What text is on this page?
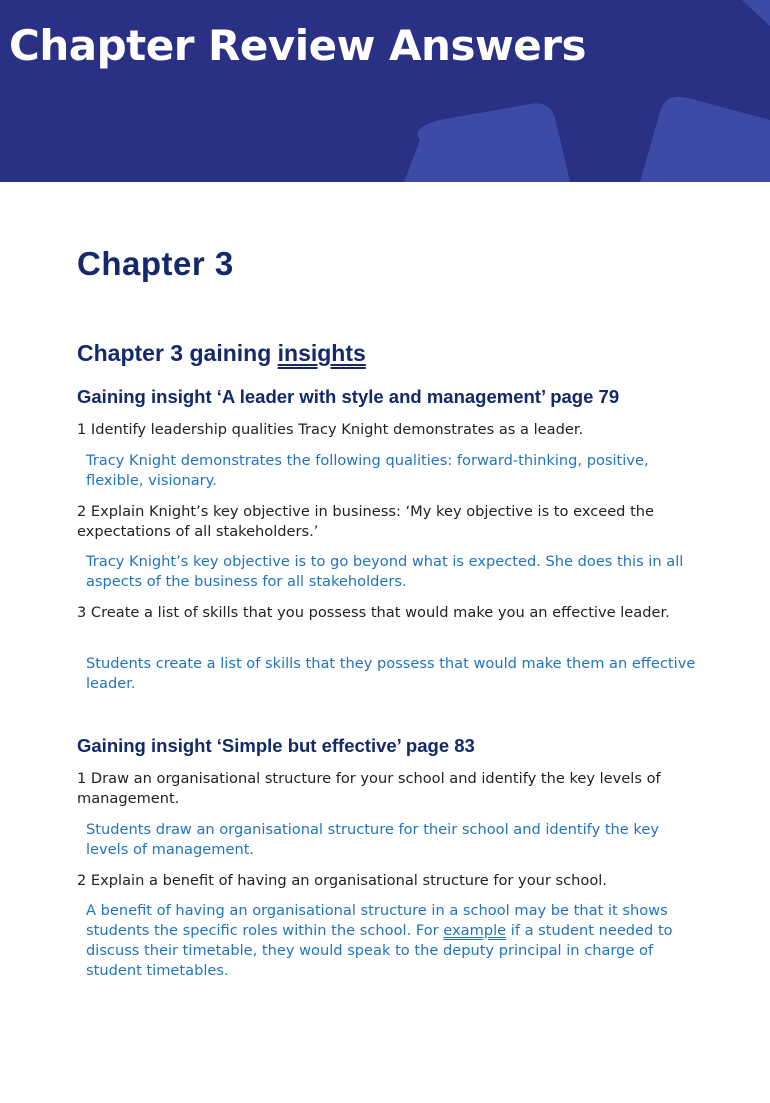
Chapter Review Answers
Chapter 3
Chapter 3 gaining insights
Gaining insight ‘A leader with style and management’ page 79

1 Identify leadership qualities Tracy Knight demonstrates as a leader.

Tracy Knight demonstrates the following qualities: forward-thinking, positive, flexible, visionary.

2 Explain Knight’s key objective in business: ‘My key objective is to exceed the expectations of all stakeholders.’

Tracy Knight’s key objective is to go beyond what is expected. She does this in all aspects of the business for all stakeholders.

3 Create a list of skills that you possess that would make you an effective leader.

Students create a list of skills that they possess that would make them an effective leader.

Gaining insight ‘Simple but effective’ page 83

1 Draw an organisational structure for your school and identify the key levels of management.

Students draw an organisational structure for their school and identify the key levels of management.

2 Explain a benefit of having an organisational structure for your school.

A benefit of having an organisational structure in a school may be that it shows students the specific roles within the school. For example if a student needed to discuss their timetable, they would speak to the deputy principal in charge of student timetables.
